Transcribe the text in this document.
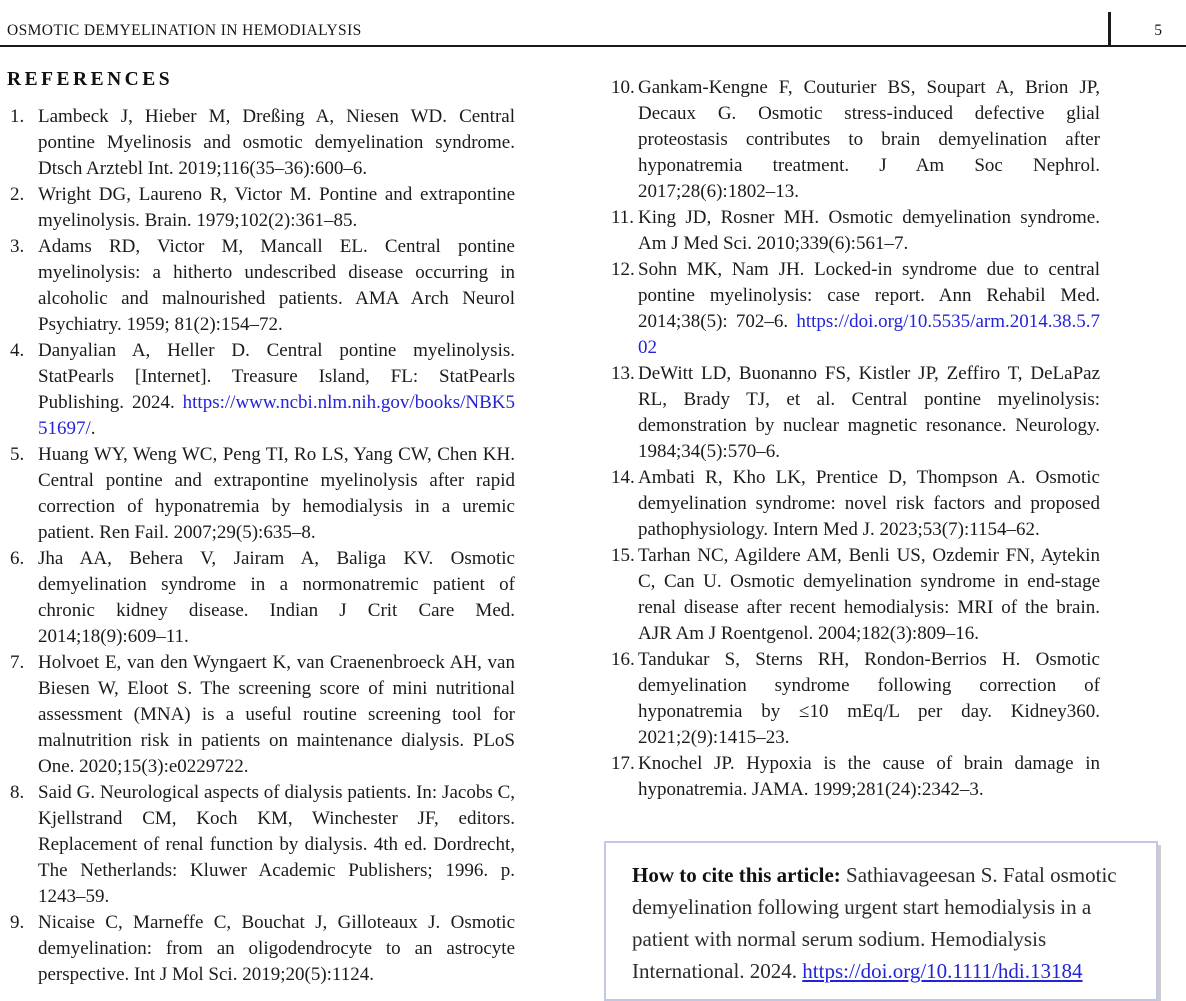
OSMOTIC DEMYELINATION IN HEMODIALYSIS	5
REFERENCES
1. Lambeck J, Hieber M, Dreßing A, Niesen WD. Central pontine Myelinosis and osmotic demyelination syndrome. Dtsch Arztebl Int. 2019;116(35–36):600–6.
2. Wright DG, Laureno R, Victor M. Pontine and extrapontine myelinolysis. Brain. 1979;102(2):361–85.
3. Adams RD, Victor M, Mancall EL. Central pontine myelinolysis: a hitherto undescribed disease occurring in alcoholic and malnourished patients. AMA Arch Neurol Psychiatry. 1959; 81(2):154–72.
4. Danyalian A, Heller D. Central pontine myelinolysis. StatPearls [Internet]. Treasure Island, FL: StatPearls Publishing. 2024. https://www.ncbi.nlm.nih.gov/books/NBK551697/.
5. Huang WY, Weng WC, Peng TI, Ro LS, Yang CW, Chen KH. Central pontine and extrapontine myelinolysis after rapid correction of hyponatremia by hemodialysis in a uremic patient. Ren Fail. 2007;29(5):635–8.
6. Jha AA, Behera V, Jairam A, Baliga KV. Osmotic demyelination syndrome in a normonatremic patient of chronic kidney disease. Indian J Crit Care Med. 2014;18(9):609–11.
7. Holvoet E, van den Wyngaert K, van Craenenbroeck AH, van Biesen W, Eloot S. The screening score of mini nutritional assessment (MNA) is a useful routine screening tool for malnutrition risk in patients on maintenance dialysis. PLoS One. 2020;15(3):e0229722.
8. Said G. Neurological aspects of dialysis patients. In: Jacobs C, Kjellstrand CM, Koch KM, Winchester JF, editors. Replacement of renal function by dialysis. 4th ed. Dordrecht, The Netherlands: Kluwer Academic Publishers; 1996. p. 1243–59.
9. Nicaise C, Marneffe C, Bouchat J, Gilloteaux J. Osmotic demyelination: from an oligodendrocyte to an astrocyte perspective. Int J Mol Sci. 2019;20(5):1124.
10. Gankam-Kengne F, Couturier BS, Soupart A, Brion JP, Decaux G. Osmotic stress-induced defective glial proteostasis contributes to brain demyelination after hyponatremia treatment. J Am Soc Nephrol. 2017;28(6):1802–13.
11. King JD, Rosner MH. Osmotic demyelination syndrome. Am J Med Sci. 2010;339(6):561–7.
12. Sohn MK, Nam JH. Locked-in syndrome due to central pontine myelinolysis: case report. Ann Rehabil Med. 2014;38(5): 702–6. https://doi.org/10.5535/arm.2014.38.5.702
13. DeWitt LD, Buonanno FS, Kistler JP, Zeffiro T, DeLaPaz RL, Brady TJ, et al. Central pontine myelinolysis: demonstration by nuclear magnetic resonance. Neurology. 1984;34(5):570–6.
14. Ambati R, Kho LK, Prentice D, Thompson A. Osmotic demyelination syndrome: novel risk factors and proposed pathophysiology. Intern Med J. 2023;53(7):1154–62.
15. Tarhan NC, Agildere AM, Benli US, Ozdemir FN, Aytekin C, Can U. Osmotic demyelination syndrome in end-stage renal disease after recent hemodialysis: MRI of the brain. AJR Am J Roentgenol. 2004;182(3):809–16.
16. Tandukar S, Sterns RH, Rondon-Berrios H. Osmotic demyelination syndrome following correction of hyponatremia by ≤10 mEq/L per day. Kidney360. 2021;2(9):1415–23.
17. Knochel JP. Hypoxia is the cause of brain damage in hyponatremia. JAMA. 1999;281(24):2342–3.

How to cite this article: Sathiavageesan S. Fatal osmotic demyelination following urgent start hemodialysis in a patient with normal serum sodium. Hemodialysis International. 2024. https://doi.org/10.1111/hdi.13184
